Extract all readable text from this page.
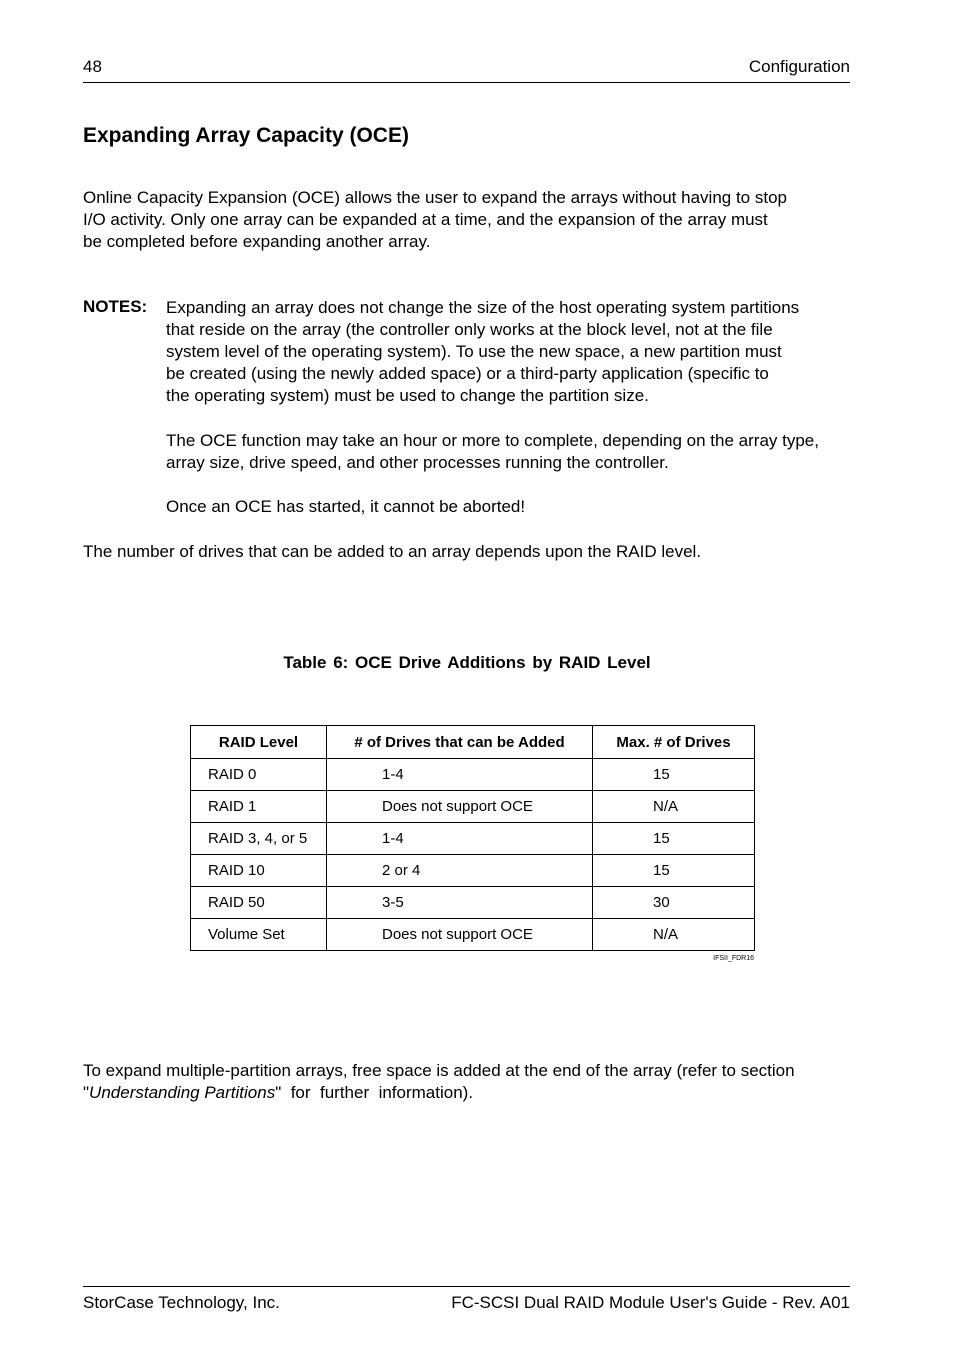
48	Configuration
Expanding Array Capacity (OCE)
Online Capacity Expansion (OCE) allows the user to expand the arrays without having to stop
I/O activity. Only one array can be expanded at a time, and the expansion of the array must
be completed before expanding another array.
NOTES: Expanding an array does not change the size of the host operating system partitions
that reside on the array (the controller only works at the block level, not at the file
system level of the operating system). To use the new space, a new partition must
be created (using the newly added space) or a third-party application (specific to
the operating system) must be used to change the partition size.
The OCE function may take an hour or more to complete, depending on the array type,
array size, drive speed, and other processes running the controller.
Once an OCE has started, it cannot be aborted!
The number of drives that can be added to an array depends upon the RAID level.
Table 6: OCE Drive Additions by RAID Level
RAID Level	# of Drives that can be Added	Max. # of Drives
RAID 0	1-4	15
RAID 1	Does not support OCE	N/A
RAID 3, 4, or 5	1-4	15
RAID 10	2 or 4	15
RAID 50	3-5	30
Volume Set	Does not support OCE	N/A
IFSII_FDR16
To expand multiple-partition arrays, free space is added at the end of the array (refer to section
"Understanding Partitions"  for  further  information).
StorCase Technology, Inc.	FC-SCSI Dual RAID Module User's Guide - Rev. A01
